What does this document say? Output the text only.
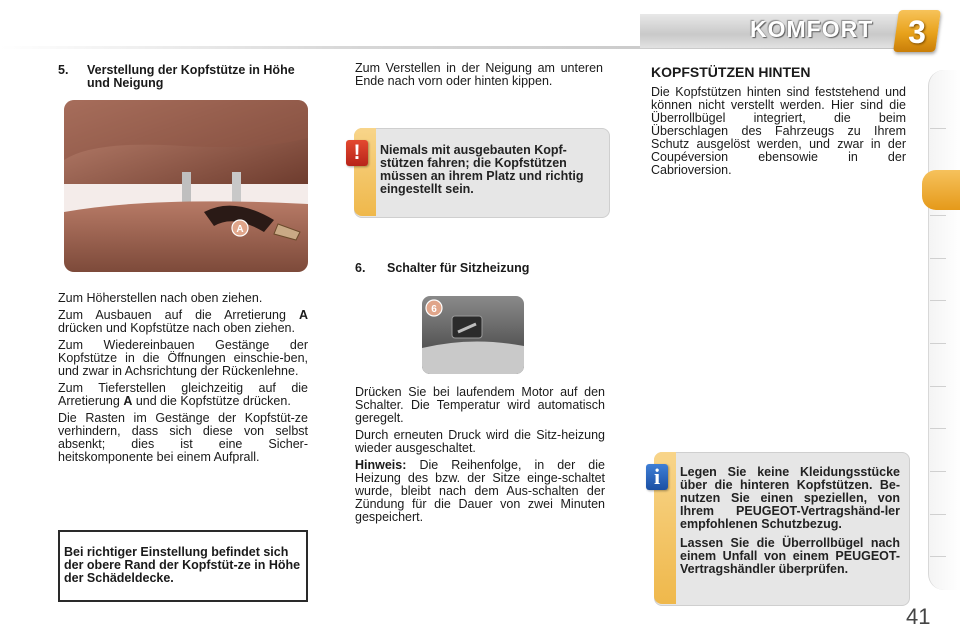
KOMFORT	3
5. Verstellung der Kopfstütze in Höhe und Neigung
A

Zum Höherstellen nach oben ziehen.

Zum Ausbauen auf die Arretierung A drücken und Kopfstütze nach oben ziehen.

Zum Wiedereinbauen Gestänge der Kopfstütze in die Öffnungen einschie-ben, und zwar in Achsrichtung der Rückenlehne.

Zum Tieferstellen gleichzeitig auf die Arretierung A und die Kopfstütze drücken.

Die Rasten im Gestänge der Kopfstüt-ze verhindern, dass sich diese von selbst absenkt; dies ist eine Sicher-heitskomponente bei einem Aufprall.

Bei richtiger Einstellung befindet sich der obere Rand der Kopfstüt-ze in Höhe der Schädeldecke.

Zum Verstellen in der Neigung am unteren Ende nach vorn oder hinten kippen.

!	Niemals mit ausgebauten Kopf-stützen fahren; die Kopfstützen müssen an ihrem Platz und richtig eingestellt sein.
6. Schalter für Sitzheizung
6

Drücken Sie bei laufendem Motor auf den Schalter. Die Temperatur wird automatisch geregelt.

Durch erneuten Druck wird die Sitz-heizung wieder ausgeschaltet.

Hinweis: Die Reihenfolge, in der die Heizung des bzw. der Sitze einge-schaltet wurde, bleibt nach dem Aus-schalten der Zündung für die Dauer von zwei Minuten gespeichert.

KOPFSTÜTZEN HINTEN

Die Kopfstützen hinten sind feststehend und können nicht verstellt werden. Hier sind die Überrollbügel integriert, die beim Überschlagen des Fahrzeugs zu Ihrem Schutz ausgelöst werden, und zwar in der Coupéversion ebensowie in der Cabrioversion.

i	Legen Sie keine Kleidungsstücke über die hinteren Kopfstützen. Be-nutzen Sie einen speziellen, von Ihrem PEUGEOT-Vertragshänd-ler empfohlenen Schutzbezug.

Lassen Sie die Überrollbügel nach einem Unfall von einem PEUGEOT-Vertragshändler überprüfen.

41
